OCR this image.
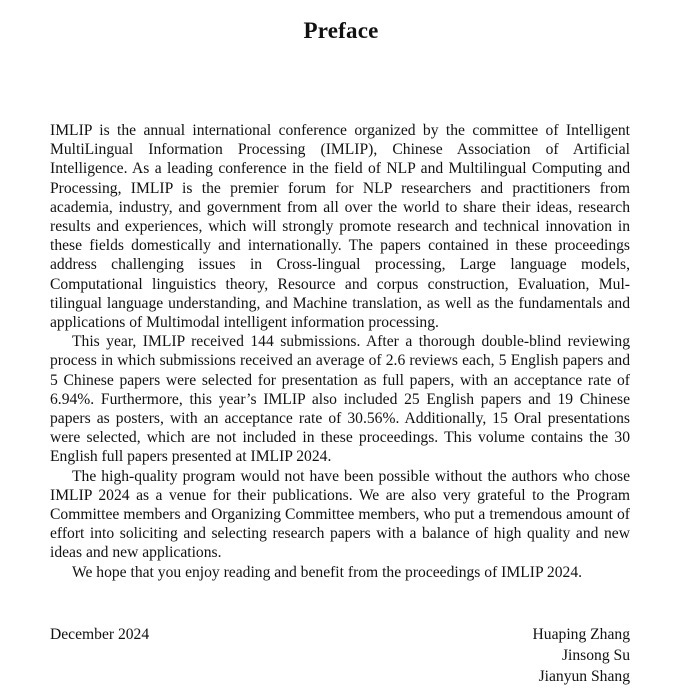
Preface

IMLIP is the annual international conference organized by the committee of Intelligent MultiLingual Information Processing (IMLIP), Chinese Association of Artificial Intelligence. As a leading conference in the field of NLP and Multilingual Computing and Processing, IMLIP is the premier forum for NLP researchers and practitioners from academia, industry, and government from all over the world to share their ideas, research results and experiences, which will strongly promote research and technical innovation in these fields domestically and internationally. The papers contained in these proceedings address challenging issues in Cross-lingual processing, Large language models, Computational linguistics theory, Resource and corpus construction, Evaluation, Multilingual language understanding, and Machine translation, as well as the fundamentals and applications of Multimodal intelligent information processing.

This year, IMLIP received 144 submissions. After a thorough double-blind reviewing process in which submissions received an average of 2.6 reviews each, 5 English papers and 5 Chinese papers were selected for presentation as full papers, with an acceptance rate of 6.94%. Furthermore, this year’s IMLIP also included 25 English papers and 19 Chinese papers as posters, with an acceptance rate of 30.56%. Additionally, 15 Oral presentations were selected, which are not included in these proceedings. This volume contains the 30 English full papers presented at IMLIP 2024.

The high-quality program would not have been possible without the authors who chose IMLIP 2024 as a venue for their publications. We are also very grateful to the Program Committee members and Organizing Committee members, who put a tremendous amount of effort into soliciting and selecting research papers with a balance of high quality and new ideas and new applications.

We hope that you enjoy reading and benefit from the proceedings of IMLIP 2024.

December 2024	Huaping Zhang
Jinsong Su
Jianyun Shang
